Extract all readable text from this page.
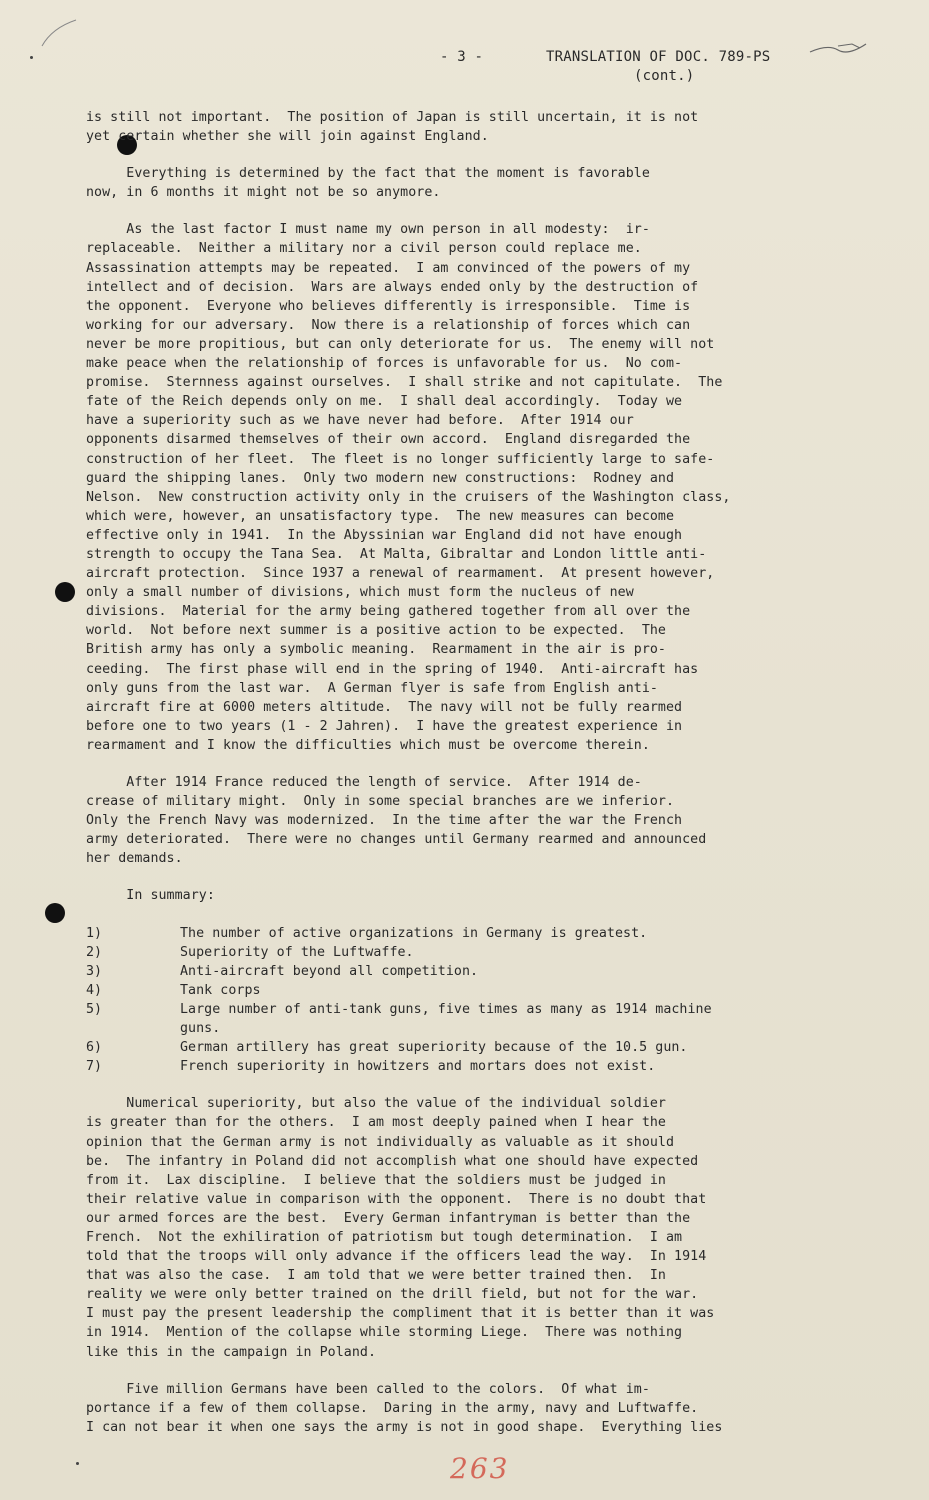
- 3 -	TRANSLATION OF DOC. 789-PS
(cont.)
is still not important.  The position of Japan is still uncertain, it is not
yet certain whether she will join against England.
Everything is determined by the fact that the moment is favorable
now, in 6 months it might not be so anymore.
As the last factor I must name my own person in all modesty:  ir-
replaceable.  Neither a military nor a civil person could replace me.
Assassination attempts may be repeated.  I am convinced of the powers of my
intellect and of decision.  Wars are always ended only by the destruction of
the opponent.  Everyone who believes differently is irresponsible.  Time is
working for our adversary.  Now there is a relationship of forces which can
never be more propitious, but can only deteriorate for us.  The enemy will not
make peace when the relationship of forces is unfavorable for us.  No com-
promise.  Sternness against ourselves.  I shall strike and not capitulate.  The
fate of the Reich depends only on me.  I shall deal accordingly.  Today we
have a superiority such as we have never had before.  After 1914 our
opponents disarmed themselves of their own accord.  England disregarded the
construction of her fleet.  The fleet is no longer sufficiently large to safe-
guard the shipping lanes.  Only two modern new constructions:  Rodney and
Nelson.  New construction activity only in the cruisers of the Washington class,
which were, however, an unsatisfactory type.  The new measures can become
effective only in 1941.  In the Abyssinian war England did not have enough
strength to occupy the Tana Sea.  At Malta, Gibraltar and London little anti-
aircraft protection.  Since 1937 a renewal of rearmament.  At present however,
only a small number of divisions, which must form the nucleus of new
divisions.  Material for the army being gathered together from all over the
world.  Not before next summer is a positive action to be expected.  The
British army has only a symbolic meaning.  Rearmament in the air is pro-
ceeding.  The first phase will end in the spring of 1940.  Anti-aircraft has
only guns from the last war.  A German flyer is safe from English anti-
aircraft fire at 6000 meters altitude.  The navy will not be fully rearmed
before one to two years (1 - 2 Jahren).  I have the greatest experience in
rearmament and I know the difficulties which must be overcome therein.
After 1914 France reduced the length of service.  After 1914 de-
crease of military might.  Only in some special branches are we inferior.
Only the French Navy was modernized.  In the time after the war the French
army deteriorated.  There were no changes until Germany rearmed and announced
her demands.
In summary:
1)	The number of active organizations in Germany is greatest.
2)	Superiority of the Luftwaffe.
3)	Anti-aircraft beyond all competition.
4)	Tank corps
5)	Large number of anti-tank guns, five times as many as 1914 machine
guns.
6)	German artillery has great superiority because of the 10.5 gun.
7)	French superiority in howitzers and mortars does not exist.
Numerical superiority, but also the value of the individual soldier
is greater than for the others.  I am most deeply pained when I hear the
opinion that the German army is not individually as valuable as it should
be.  The infantry in Poland did not accomplish what one should have expected
from it.  Lax discipline.  I believe that the soldiers must be judged in
their relative value in comparison with the opponent.  There is no doubt that
our armed forces are the best.  Every German infantryman is better than the
French.  Not the exhiliration of patriotism but tough determination.  I am
told that the troops will only advance if the officers lead the way.  In 1914
that was also the case.  I am told that we were better trained then.  In
reality we were only better trained on the drill field, but not for the war.
I must pay the present leadership the compliment that it is better than it was
in 1914.  Mention of the collapse while storming Liege.  There was nothing
like this in the campaign in Poland.
Five million Germans have been called to the colors.  Of what im-
portance if a few of them collapse.  Daring in the army, navy and Luftwaffe.
I can not bear it when one says the army is not in good shape.  Everything lies
263
